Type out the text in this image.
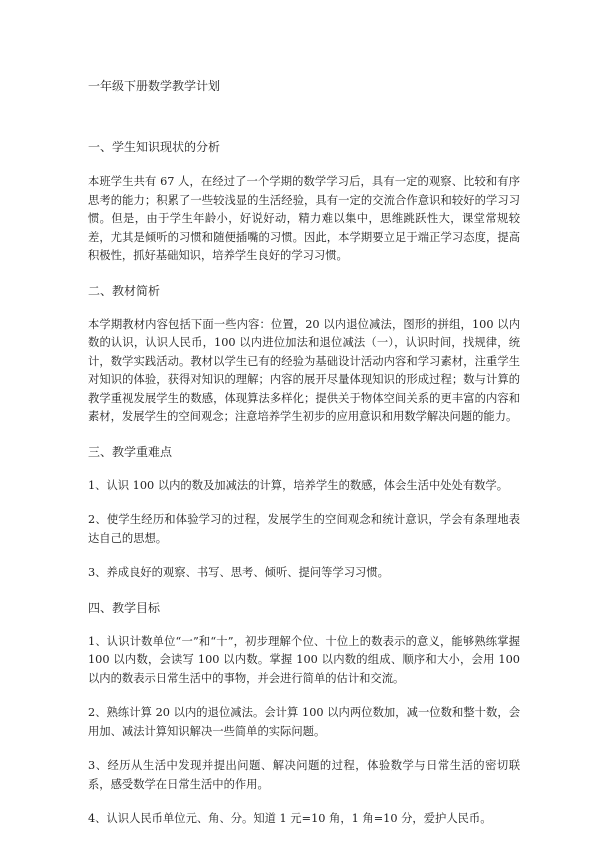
一年级下册数学教学计划
一、学生知识现状的分析
本班学生共有 67 人，在经过了一个学期的数学学习后，具有一定的观察、比较和有序思考的能力；积累了一些较浅显的生活经验，具有一定的交流合作意识和较好的学习习惯。但是，由于学生年龄小，好说好动，精力难以集中，思维跳跃性大，课堂常规较差，尤其是倾听的习惯和随便插嘴的习惯。因此，本学期要立足于端正学习态度，提高积极性，抓好基础知识，培养学生良好的学习习惯。
二、教材简析
本学期教材内容包括下面一些内容：位置，20 以内退位减法，图形的拼组，100 以内数的认识，认识人民币，100 以内进位加法和退位减法（一），认识时间，找规律，统计，数学实践活动。教材以学生已有的经验为基础设计活动内容和学习素材，注重学生对知识的体验，获得对知识的理解；内容的展开尽量体现知识的形成过程；数与计算的教学重视发展学生的数感，体现算法多样化；提供关于物体空间关系的更丰富的内容和素材，发展学生的空间观念；注意培养学生初步的应用意识和用数学解决问题的能力。
三、教学重难点
1、认识 100 以内的数及加减法的计算，培养学生的数感，体会生活中处处有数学。
2、使学生经历和体验学习的过程，发展学生的空间观念和统计意识，学会有条理地表达自己的思想。
3、养成良好的观察、书写、思考、倾听、提问等学习习惯。
四、教学目标
1、认识计数单位“一”和“十”，初步理解个位、十位上的数表示的意义，能够熟练掌握 100 以内数，会读写 100 以内数。掌握 100 以内数的组成、顺序和大小，会用 100 以内的数表示日常生活中的事物，并会进行简单的估计和交流。
2、熟练计算 20 以内的退位减法。会计算 100 以内两位数加，减一位数和整十数，会用加、减法计算知识解决一些简单的实际问题。
3、经历从生活中发现并提出问题、解决问题的过程，体验数学与日常生活的密切联系，感受数学在日常生活中的作用。
4、认识人民币单位元、角、分。知道 1 元=10 角，1 角=10 分，爱护人民币。
